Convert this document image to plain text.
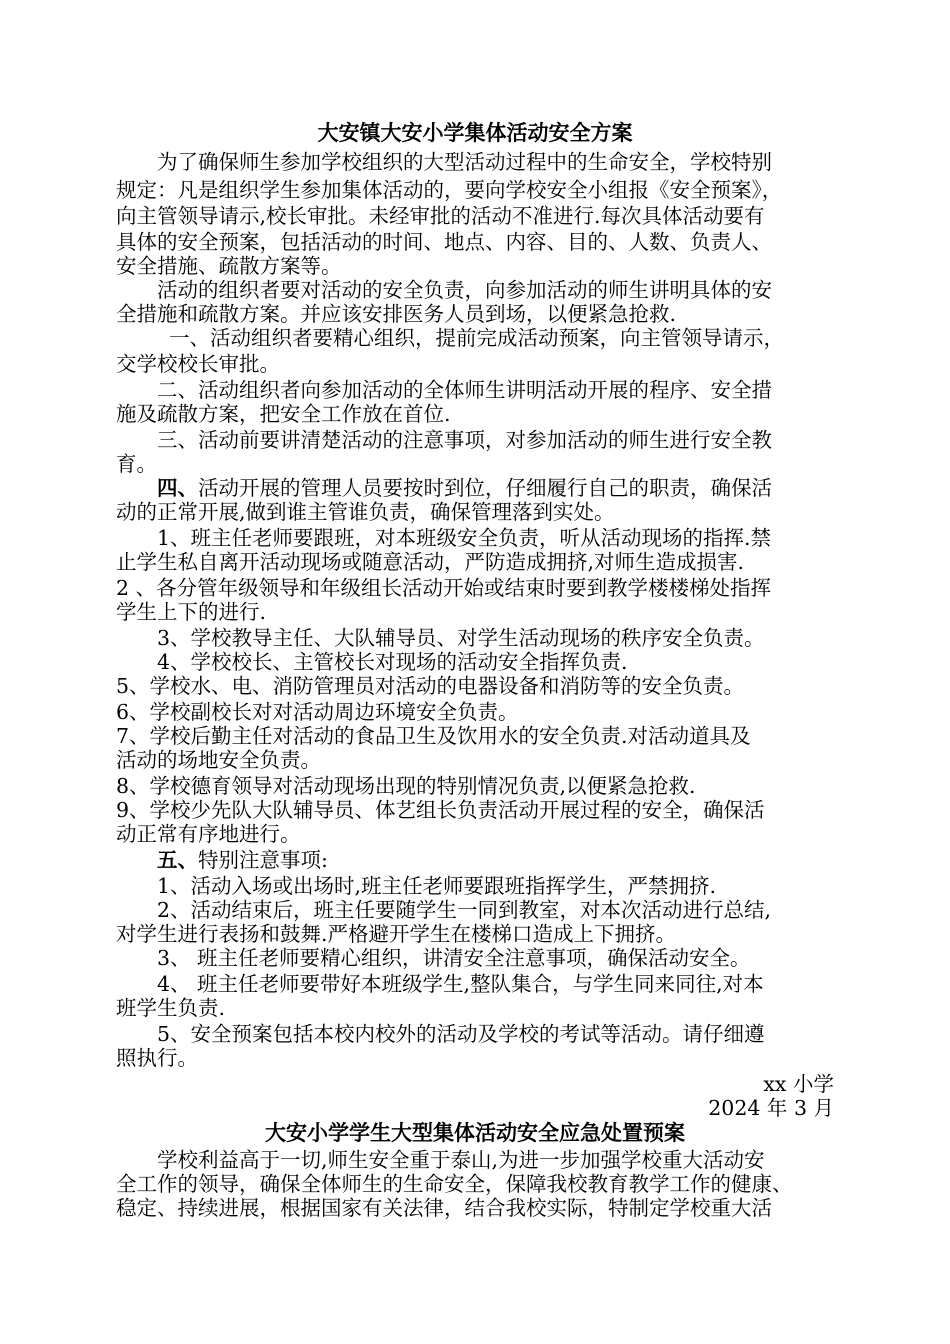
大安镇大安小学集体活动安全方案
为了确保师生参加学校组织的大型活动过程中的生命安全，学校特别
规定：凡是组织学生参加集体活动的，要向学校安全小组报《安全预案》，
向主管领导请示,校长审批。未经审批的活动不准进行.每次具体活动要有
具体的安全预案，包括活动的时间、地点、内容、目的、人数、负责人、
安全措施、疏散方案等。
活动的组织者要对活动的安全负责，向参加活动的师生讲明具体的安
全措施和疏散方案。并应该安排医务人员到场，以便紧急抢救.
一、活动组织者要精心组织，提前完成活动预案，向主管领导请示，
交学校校长审批。
二、活动组织者向参加活动的全体师生讲明活动开展的程序、安全措
施及疏散方案，把安全工作放在首位.
三、活动前要讲清楚活动的注意事项，对参加活动的师生进行安全教
育。
四、活动开展的管理人员要按时到位，仔细履行自己的职责，确保活
动的正常开展,做到谁主管谁负责，确保管理落到实处。
1、班主任老师要跟班，对本班级安全负责，听从活动现场的指挥.禁
止学生私自离开活动现场或随意活动，严防造成拥挤,对师生造成损害.
2 、各分管年级领导和年级组长活动开始或结束时要到教学楼楼梯处指挥
学生上下的进行.
3、学校教导主任、大队辅导员、对学生活动现场的秩序安全负责。
4、学校校长、主管校长对现场的活动安全指挥负责.
5、学校水、电、消防管理员对活动的电器设备和消防等的安全负责。
6、学校副校长对对活动周边环境安全负责。
7、学校后勤主任对活动的食品卫生及饮用水的安全负责.对活动道具及
活动的场地安全负责。
8、学校德育领导对活动现场出现的特别情况负责,以便紧急抢救.
9、学校少先队大队辅导员、体艺组长负责活动开展过程的安全，确保活
动正常有序地进行。
五、特别注意事项:
1、活动入场或出场时,班主任老师要跟班指挥学生，严禁拥挤.
2、活动结束后，班主任要随学生一同到教室，对本次活动进行总结,
对学生进行表扬和鼓舞.严格避开学生在楼梯口造成上下拥挤。
3、 班主任老师要精心组织，讲清安全注意事项，确保活动安全。
4、 班主任老师要带好本班级学生,整队集合，与学生同来同往,对本
班学生负责.
5、安全预案包括本校内校外的活动及学校的考试等活动。请仔细遵
照执行。
xx 小学
2024 年 3 月
大安小学学生大型集体活动安全应急处置预案
学校利益高于一切,师生安全重于泰山,为进一步加强学校重大活动安
全工作的领导，确保全体师生的生命安全，保障我校教育教学工作的健康、
稳定、持续进展，根据国家有关法律，结合我校实际，特制定学校重大活
